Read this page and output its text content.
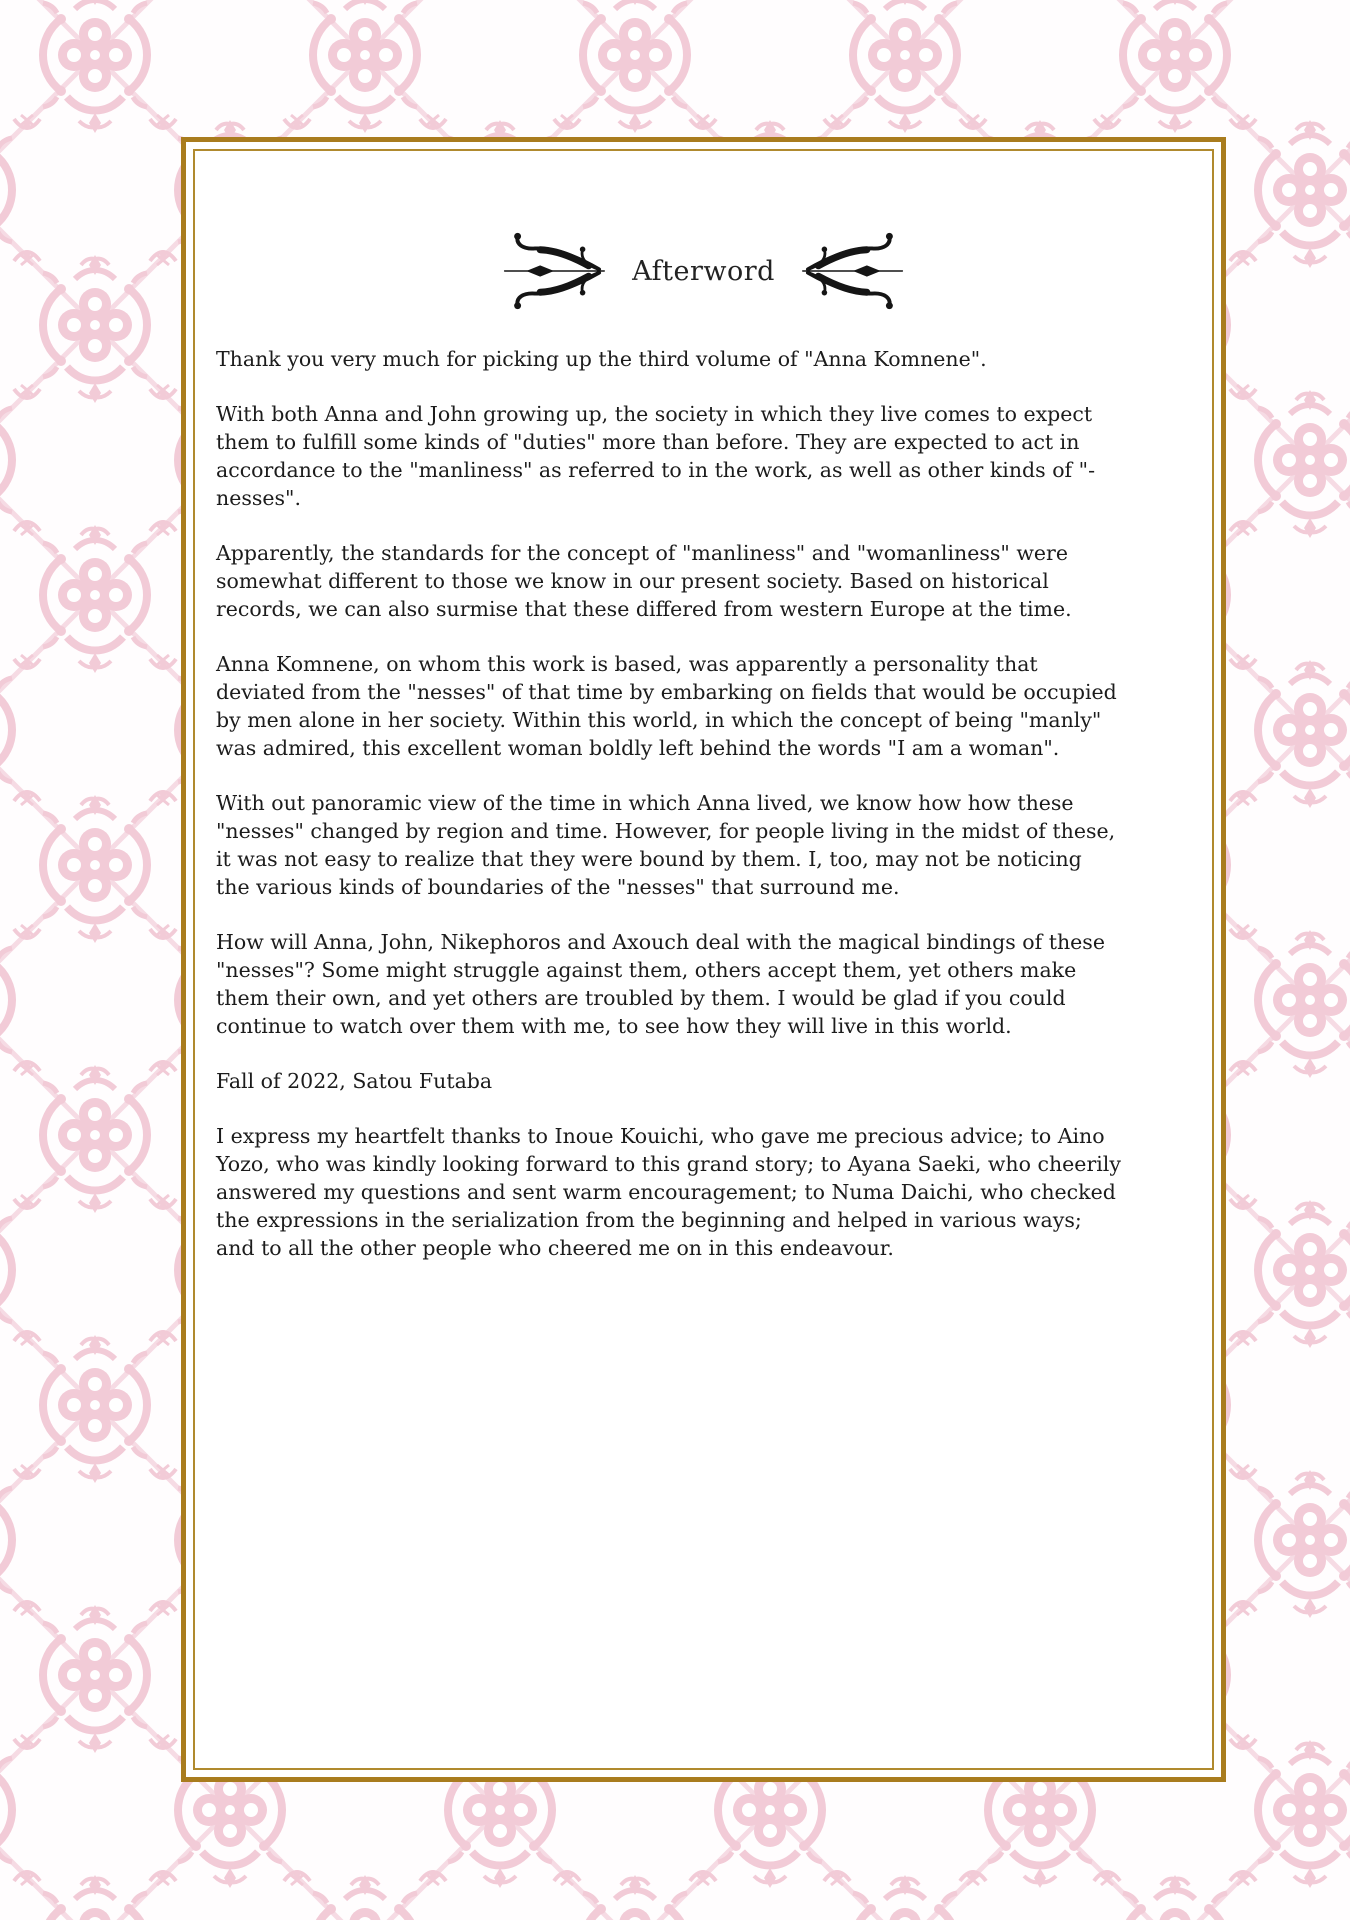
Afterword

Thank you very much for picking up the third volume of "Anna Komnene".

With both Anna and John growing up, the society in which they live comes to expect them to fulfill some kinds of "duties" more than before. They are expected to act in accordance to the "manliness" as referred to in the work, as well as other kinds of "-nesses".

Apparently, the standards for the concept of "manliness" and "womanliness" were somewhat different to those we know in our present society. Based on historical records, we can also surmise that these differed from western Europe at the time.

Anna Komnene, on whom this work is based, was apparently a personality that deviated from the "nesses" of that time by embarking on fields that would be occupied by men alone in her society. Within this world, in which the concept of being "manly" was admired, this excellent woman boldly left behind the words "I am a woman".

With out panoramic view of the time in which Anna lived, we know how how these "nesses" changed by region and time. However, for people living in the midst of these, it was not easy to realize that they were bound by them. I, too, may not be noticing the various kinds of boundaries of the "nesses" that surround me.

How will Anna, John, Nikephoros and Axouch deal with the magical bindings of these "nesses"? Some might struggle against them, others accept them, yet others make them their own, and yet others are troubled by them. I would be glad if you could continue to watch over them with me, to see how they will live in this world.

Fall of 2022, Satou Futaba

I express my heartfelt thanks to Inoue Kouichi, who gave me precious advice; to Aino Yozo, who was kindly looking forward to this grand story; to Ayana Saeki, who cheerily answered my questions and sent warm encouragement; to Numa Daichi, who checked the expressions in the serialization from the beginning and helped in various ways; and to all the other people who cheered me on in this endeavour.
